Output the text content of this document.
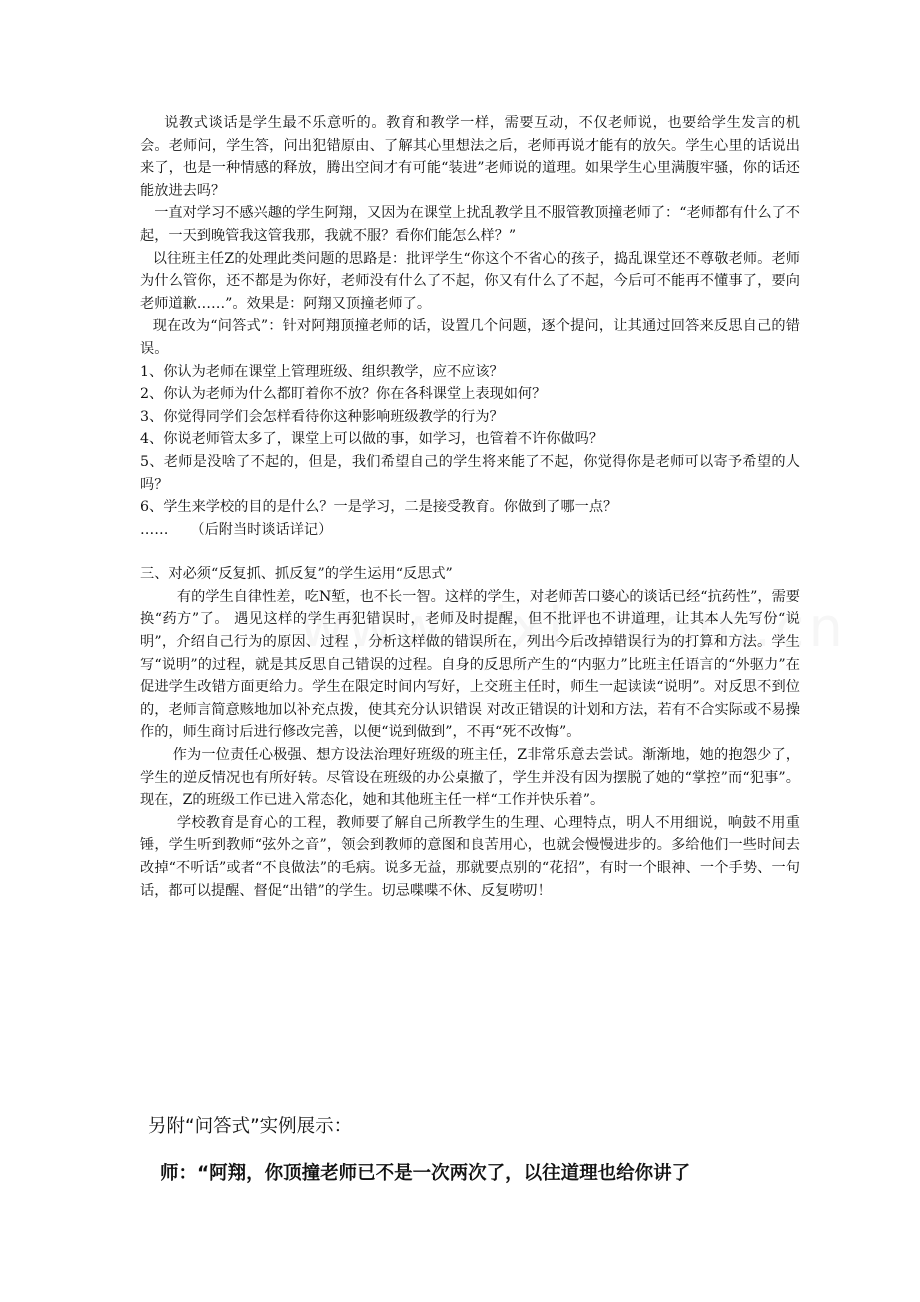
说教式谈话是学生最不乐意听的。教育和教学一样，需要互动，不仅老师说，也要给学生发言的机会。老师问，学生答，问出犯错原由、了解其心里想法之后，老师再说才能有的放矢。学生心里的话说出来了，也是一种情感的释放，腾出空间才有可能“装进”老师说的道理。如果学生心里满腹牢骚，你的话还能放进去吗？

一直对学习不感兴趣的学生阿翔，又因为在课堂上扰乱教学且不服管教顶撞老师了：“老师都有什么了不起，一天到晚管我这管我那，我就不服？看你们能怎么样？”

以往班主任Z的处理此类问题的思路是：批评学生“你这个不省心的孩子，捣乱课堂还不尊敬老师。老师为什么管你，还不都是为你好，老师没有什么了不起，你又有什么了不起，今后可不能再不懂事了，要向老师道歉……”。效果是：阿翔又顶撞老师了。

现在改为“问答式”：针对阿翔顶撞老师的话，设置几个问题，逐个提问，让其通过回答来反思自己的错误。

1、你认为老师在课堂上管理班级、组织教学，应不应该？

2、你认为老师为什么都盯着你不放？你在各科课堂上表现如何？

3、你觉得同学们会怎样看待你这种影响班级教学的行为？

4、你说老师管太多了，课堂上可以做的事，如学习，也管着不许你做吗？

5、老师是没啥了不起的，但是，我们希望自己的学生将来能了不起，你觉得你是老师可以寄予希望的人吗？

6、学生来学校的目的是什么？一是学习，二是接受教育。你做到了哪一点？

…… （后附当时谈话详记）

三、对必须“反复抓、抓反复”的学生运用“反思式”

有的学生自律性差，吃N堑，也不长一智。这样的学生，对老师苦口婆心的谈话已经“抗药性”，需要换“药方”了。 遇见这样的学生再犯错误时，老师及时提醒，但不批评也不讲道理，让其本人先写份“说明”，介绍自己行为的原因、过程 ，分析这样做的错误所在，列出今后改掉错误行为的打算和方法。学生写“说明”的过程，就是其反思自己错误的过程。自身的反思所产生的“内驱力”比班主任语言的“外驱力”在促进学生改错方面更给力。学生在限定时间内写好，上交班主任时，师生一起读读“说明”。对反思不到位的，老师言简意赅地加以补充点拨，使其充分认识错误 对改正错误的计划和方法，若有不合实际或不易操作的，师生商讨后进行修改完善，以便“说到做到”，不再“死不改悔”。

作为一位责任心极强、想方设法治理好班级的班主任，Z非常乐意去尝试。渐渐地，她的抱怨少了，学生的逆反情况也有所好转。尽管设在班级的办公桌撤了，学生并没有因为摆脱了她的“掌控”而“犯事”。现在，Z的班级工作已进入常态化，她和其他班主任一样“工作并快乐着”。

学校教育是育心的工程，教师要了解自己所教学生的生理、心理特点，明人不用细说，响鼓不用重锤，学生听到教师“弦外之音”，领会到教师的意图和良苦用心，也就会慢慢进步的。多给他们一些时间去改掉“不听话”或者“不良做法”的毛病。说多无益，那就要点别的“花招”，有时一个眼神、一个手势、一句话，都可以提醒、督促“出错”的学生。切忌喋喋不休、反复唠叨！

另附“问答式”实例展示：
师：“阿翔，你顶撞老师已不是一次两次了，以往道理也给你讲了
